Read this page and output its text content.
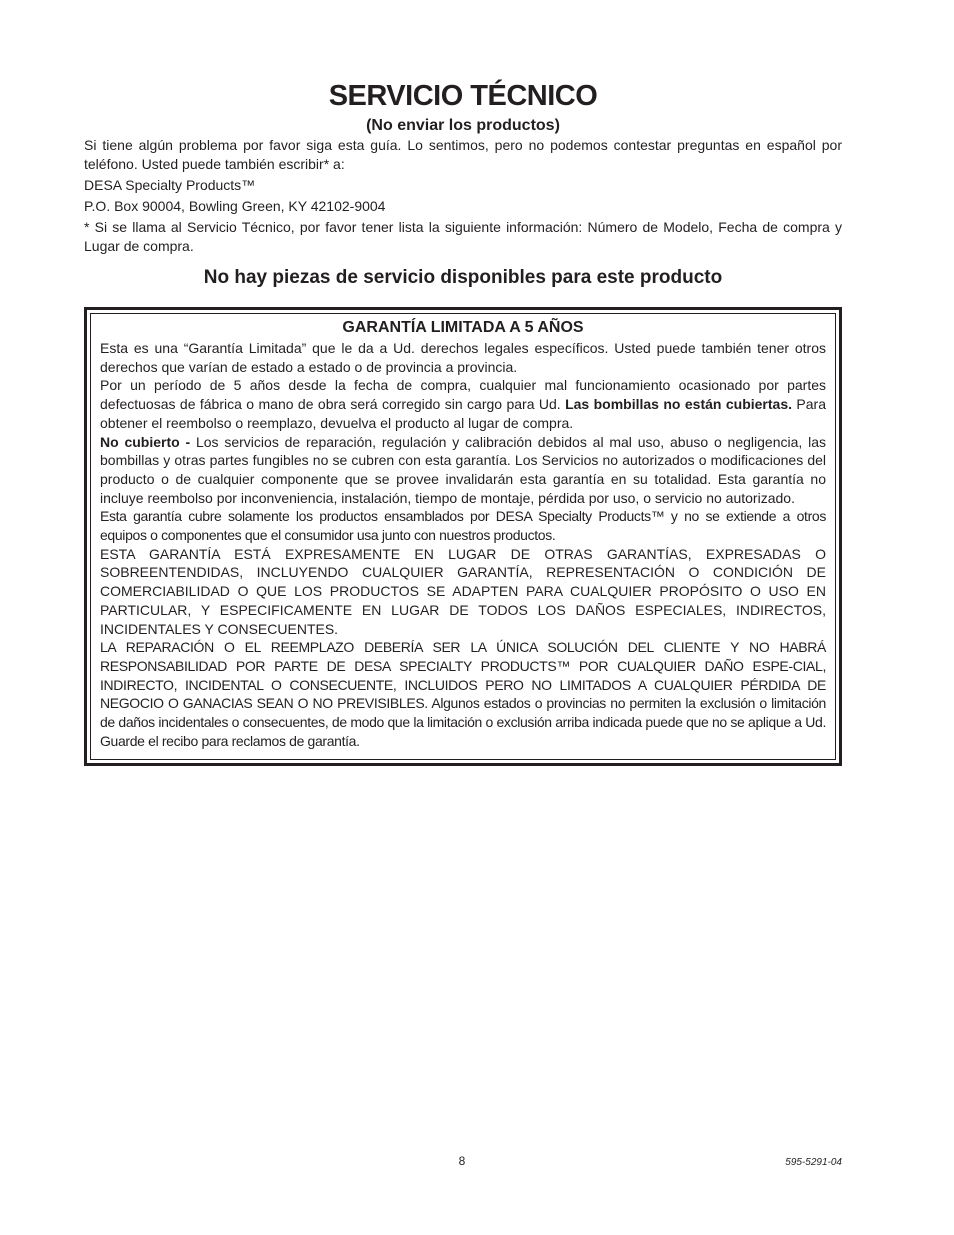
SERVICIO TÉCNICO

(No enviar los productos)

Si tiene algún problema por favor siga esta guía. Lo sentimos, pero no podemos contestar preguntas en español por teléfono. Usted puede también escribir* a:

DESA Specialty Products™

P.O. Box 90004, Bowling Green, KY 42102-9004

* Si se llama al Servicio Técnico, por favor tener lista la siguiente información: Número de Modelo, Fecha de compra y Lugar de compra.

No hay piezas de servicio disponibles para este producto
GARANTÍA LIMITADA A 5 AÑOS

Esta es una “Garantía Limitada” que le da a Ud. derechos legales específicos. Usted puede también tener otros derechos que varían de estado a estado o de provincia a provincia.

Por un período de 5 años desde la fecha de compra, cualquier mal funcionamiento ocasionado por partes defectuosas de fábrica o mano de obra será corregido sin cargo para Ud. Las bombillas no están cubiertas. Para obtener el reembolso o reemplazo, devuelva el producto al lugar de compra.

No cubierto - Los servicios de reparación, regulación y calibración debidos al mal uso, abuso o negligencia, las bombillas y otras partes fungibles no se cubren con esta garantía. Los Servicios no autorizados o modificaciones del producto o de cualquier componente que se provee invalidarán esta garantía en su totalidad. Esta garantía no incluye reembolso por inconveniencia, instalación, tiempo de montaje, pérdida por uso, o servicio no autorizado.

Esta garantía cubre solamente los productos ensamblados por DESA Specialty Products™ y no se extiende a otros equipos o componentes que el consumidor usa junto con nuestros productos.

ESTA GARANTÍA ESTÁ EXPRESAMENTE EN LUGAR DE OTRAS GARANTÍAS, EXPRESADAS O SOBREENTENDIDAS, INCLUYENDO CUALQUIER GARANTÍA, REPRESENTACIÓN O CONDICIÓN DE COMERCIABILIDAD O QUE LOS PRODUCTOS SE ADAPTEN PARA CUALQUIER PROPÓSITO O USO EN PARTICULAR, Y ESPECIFICAMENTE EN LUGAR DE TODOS LOS DAÑOS ESPECIALES, INDIRECTOS, INCIDENTALES Y CONSECUENTES.

LA REPARACIÓN O EL REEMPLAZO DEBERÍA SER LA ÚNICA SOLUCIÓN DEL CLIENTE Y NO HABRÁ RESPONSABILIDAD POR PARTE DE DESA SPECIALTY PRODUCTS™ POR CUALQUIER DAÑO ESPE-CIAL, INDIRECTO, INCIDENTAL O CONSECUENTE, INCLUIDOS PERO NO LIMITADOS A CUALQUIER PÉRDIDA DE NEGOCIO O GANACIAS SEAN O NO PREVISIBLES. Algunos estados o provincias no permiten la exclusión o limitación de daños incidentales o consecuentes, de modo que la limitación o exclusión arriba indicada puede que no se aplique a Ud. Guarde el recibo para reclamos de garantía.

8	595-5291-04
